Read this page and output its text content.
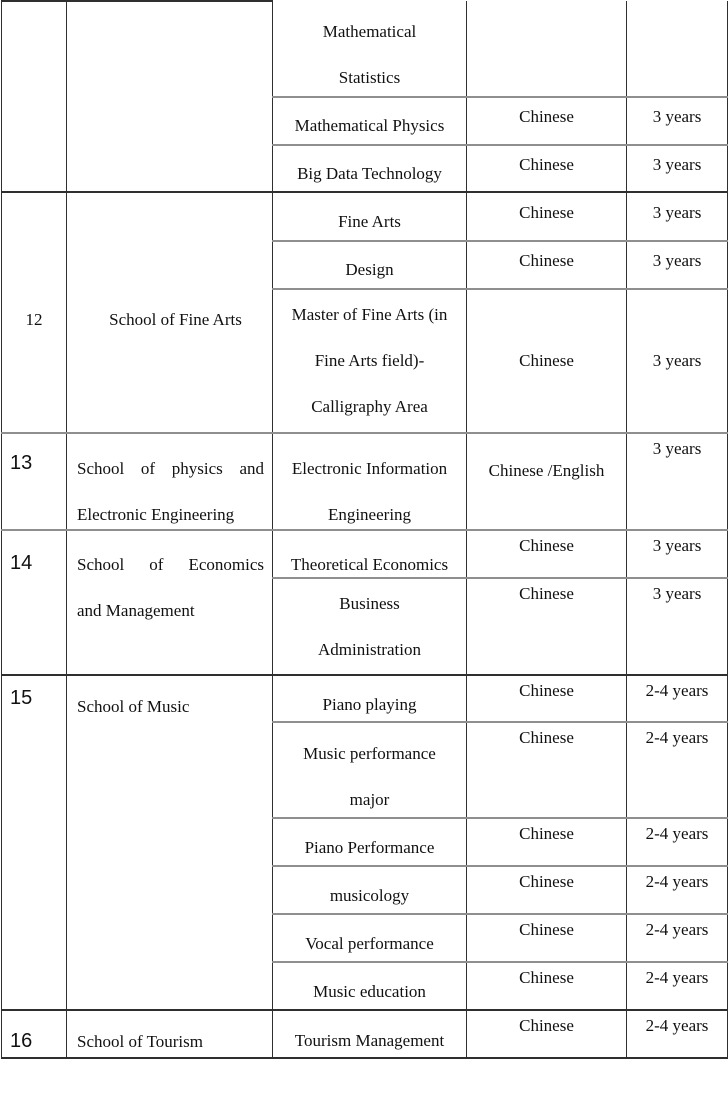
		Mathematical
Statistics		

		Mathematical Physics	Chinese	3 years

		Big Data Technology	Chinese	3 years

12	School of Fine Arts	Fine Arts	Chinese	3 years

		Design	Chinese	3 years

		Master of Fine Arts (in
Fine Arts field)-
Calligraphy Area	Chinese	3 years

13	School of physics and
Electronic Engineering	Electronic Information
Engineering	Chinese /English	3 years

14	School of Economics
and Management	Theoretical Economics	Chinese	3 years

		Business
Administration	Chinese	3 years

15	School of Music	Piano playing	Chinese	2-4 years

		Music performance
major	Chinese	2-4 years

		Piano Performance	Chinese	2-4 years

		musicology	Chinese	2-4 years

		Vocal performance	Chinese	2-4 years

		Music education	Chinese	2-4 years

16	School of Tourism	Tourism Management	Chinese	2-4 years
